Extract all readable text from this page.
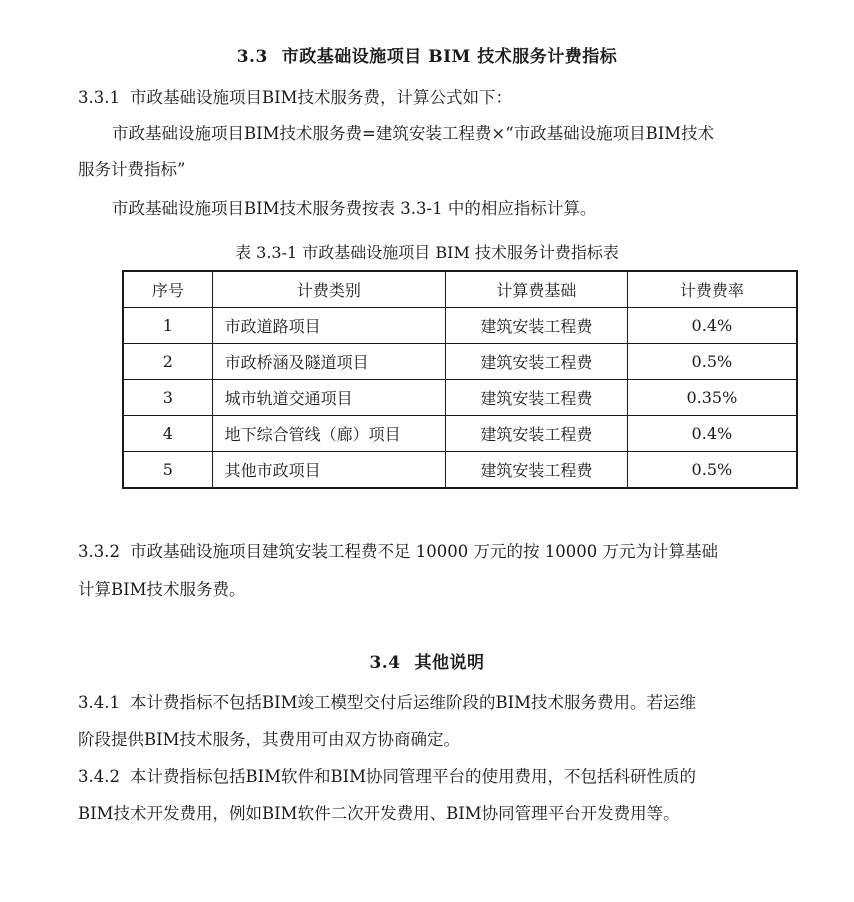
3.3 市政基础设施项目 BIM 技术服务计费指标
3.3.1 市政基础设施项目BIM技术服务费，计算公式如下：
市政基础设施项目BIM技术服务费=建筑安装工程费×“市政基础设施项目BIM技术
服务计费指标”
市政基础设施项目BIM技术服务费按表 3.3-1 中的相应指标计算。
表 3.3-1 市政基础设施项目 BIM 技术服务计费指标表
序号	计费类别	计算费基础	计费费率
1	市政道路项目	建筑安装工程费	0.4%
2	市政桥涵及隧道项目	建筑安装工程费	0.5%
3	城市轨道交通项目	建筑安装工程费	0.35%
4	地下综合管线（廊）项目	建筑安装工程费	0.4%
5	其他市政项目	建筑安装工程费	0.5%
3.3.2 市政基础设施项目建筑安装工程费不足 10000 万元的按 10000 万元为计算基础
计算BIM技术服务费。
3.4 其他说明
3.4.1 本计费指标不包括BIM竣工模型交付后运维阶段的BIM技术服务费用。若运维
阶段提供BIM技术服务，其费用可由双方协商确定。
3.4.2 本计费指标包括BIM软件和BIM协同管理平台的使用费用，不包括科研性质的
BIM技术开发费用，例如BIM软件二次开发费用、BIM协同管理平台开发费用等。
